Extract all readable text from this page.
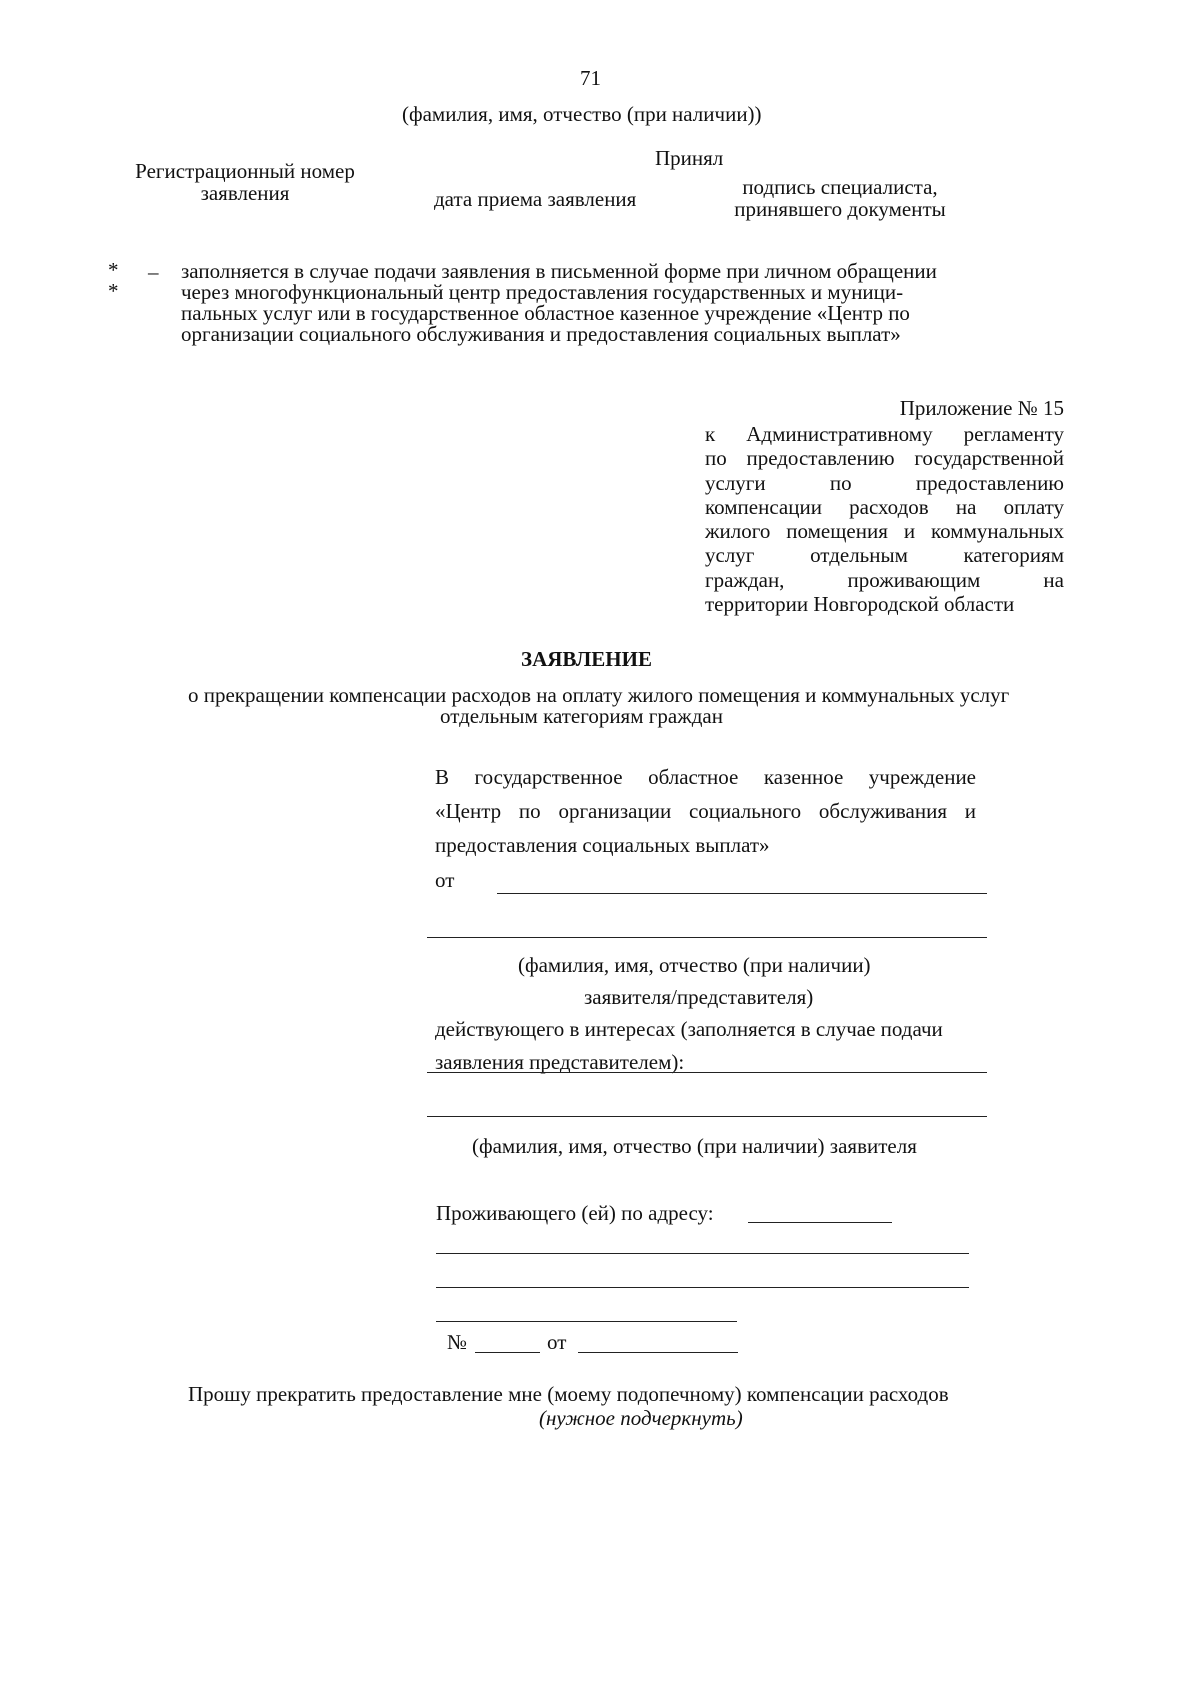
71
(фамилия, имя, отчество (при наличии))
Принял
Регистрационный номер
заявления	дата приема заявления	подпись специалиста,
принявшего документы
*
*
– заполняется в случае подачи заявления в письменной форме при личном обращении
через многофункциональный центр предоставления государственных и муници-
пальных услуг или в государственное областное казенное учреждение «Центр по
организации социального обслуживания и предоставления социальных выплат»
Приложение № 15
к Административному регламенту
по предоставлению государственной
услуги по предоставлению
компенсации расходов на оплату
жилого помещения и коммунальных
услуг отдельным категориям
граждан, проживающим на
территории Новгородской области
ЗАЯВЛЕНИЕ
о прекращении компенсации расходов на оплату жилого помещения и коммунальных услуг
отдельным категориям граждан
В государственное областное казенное учреждение
«Центр по организации социального обслуживания и
предоставления социальных выплат»
от
(фамилия, имя, отчество (при наличии)
заявителя/представителя)
действующего в интересах (заполняется в случае подачи
заявления представителем):
(фамилия, имя, отчество (при наличии) заявителя
Проживающего (ей) по адресу:
№	от
Прошу прекратить предоставление мне (моему подопечному) компенсации расходов
(нужное подчеркнуть)
